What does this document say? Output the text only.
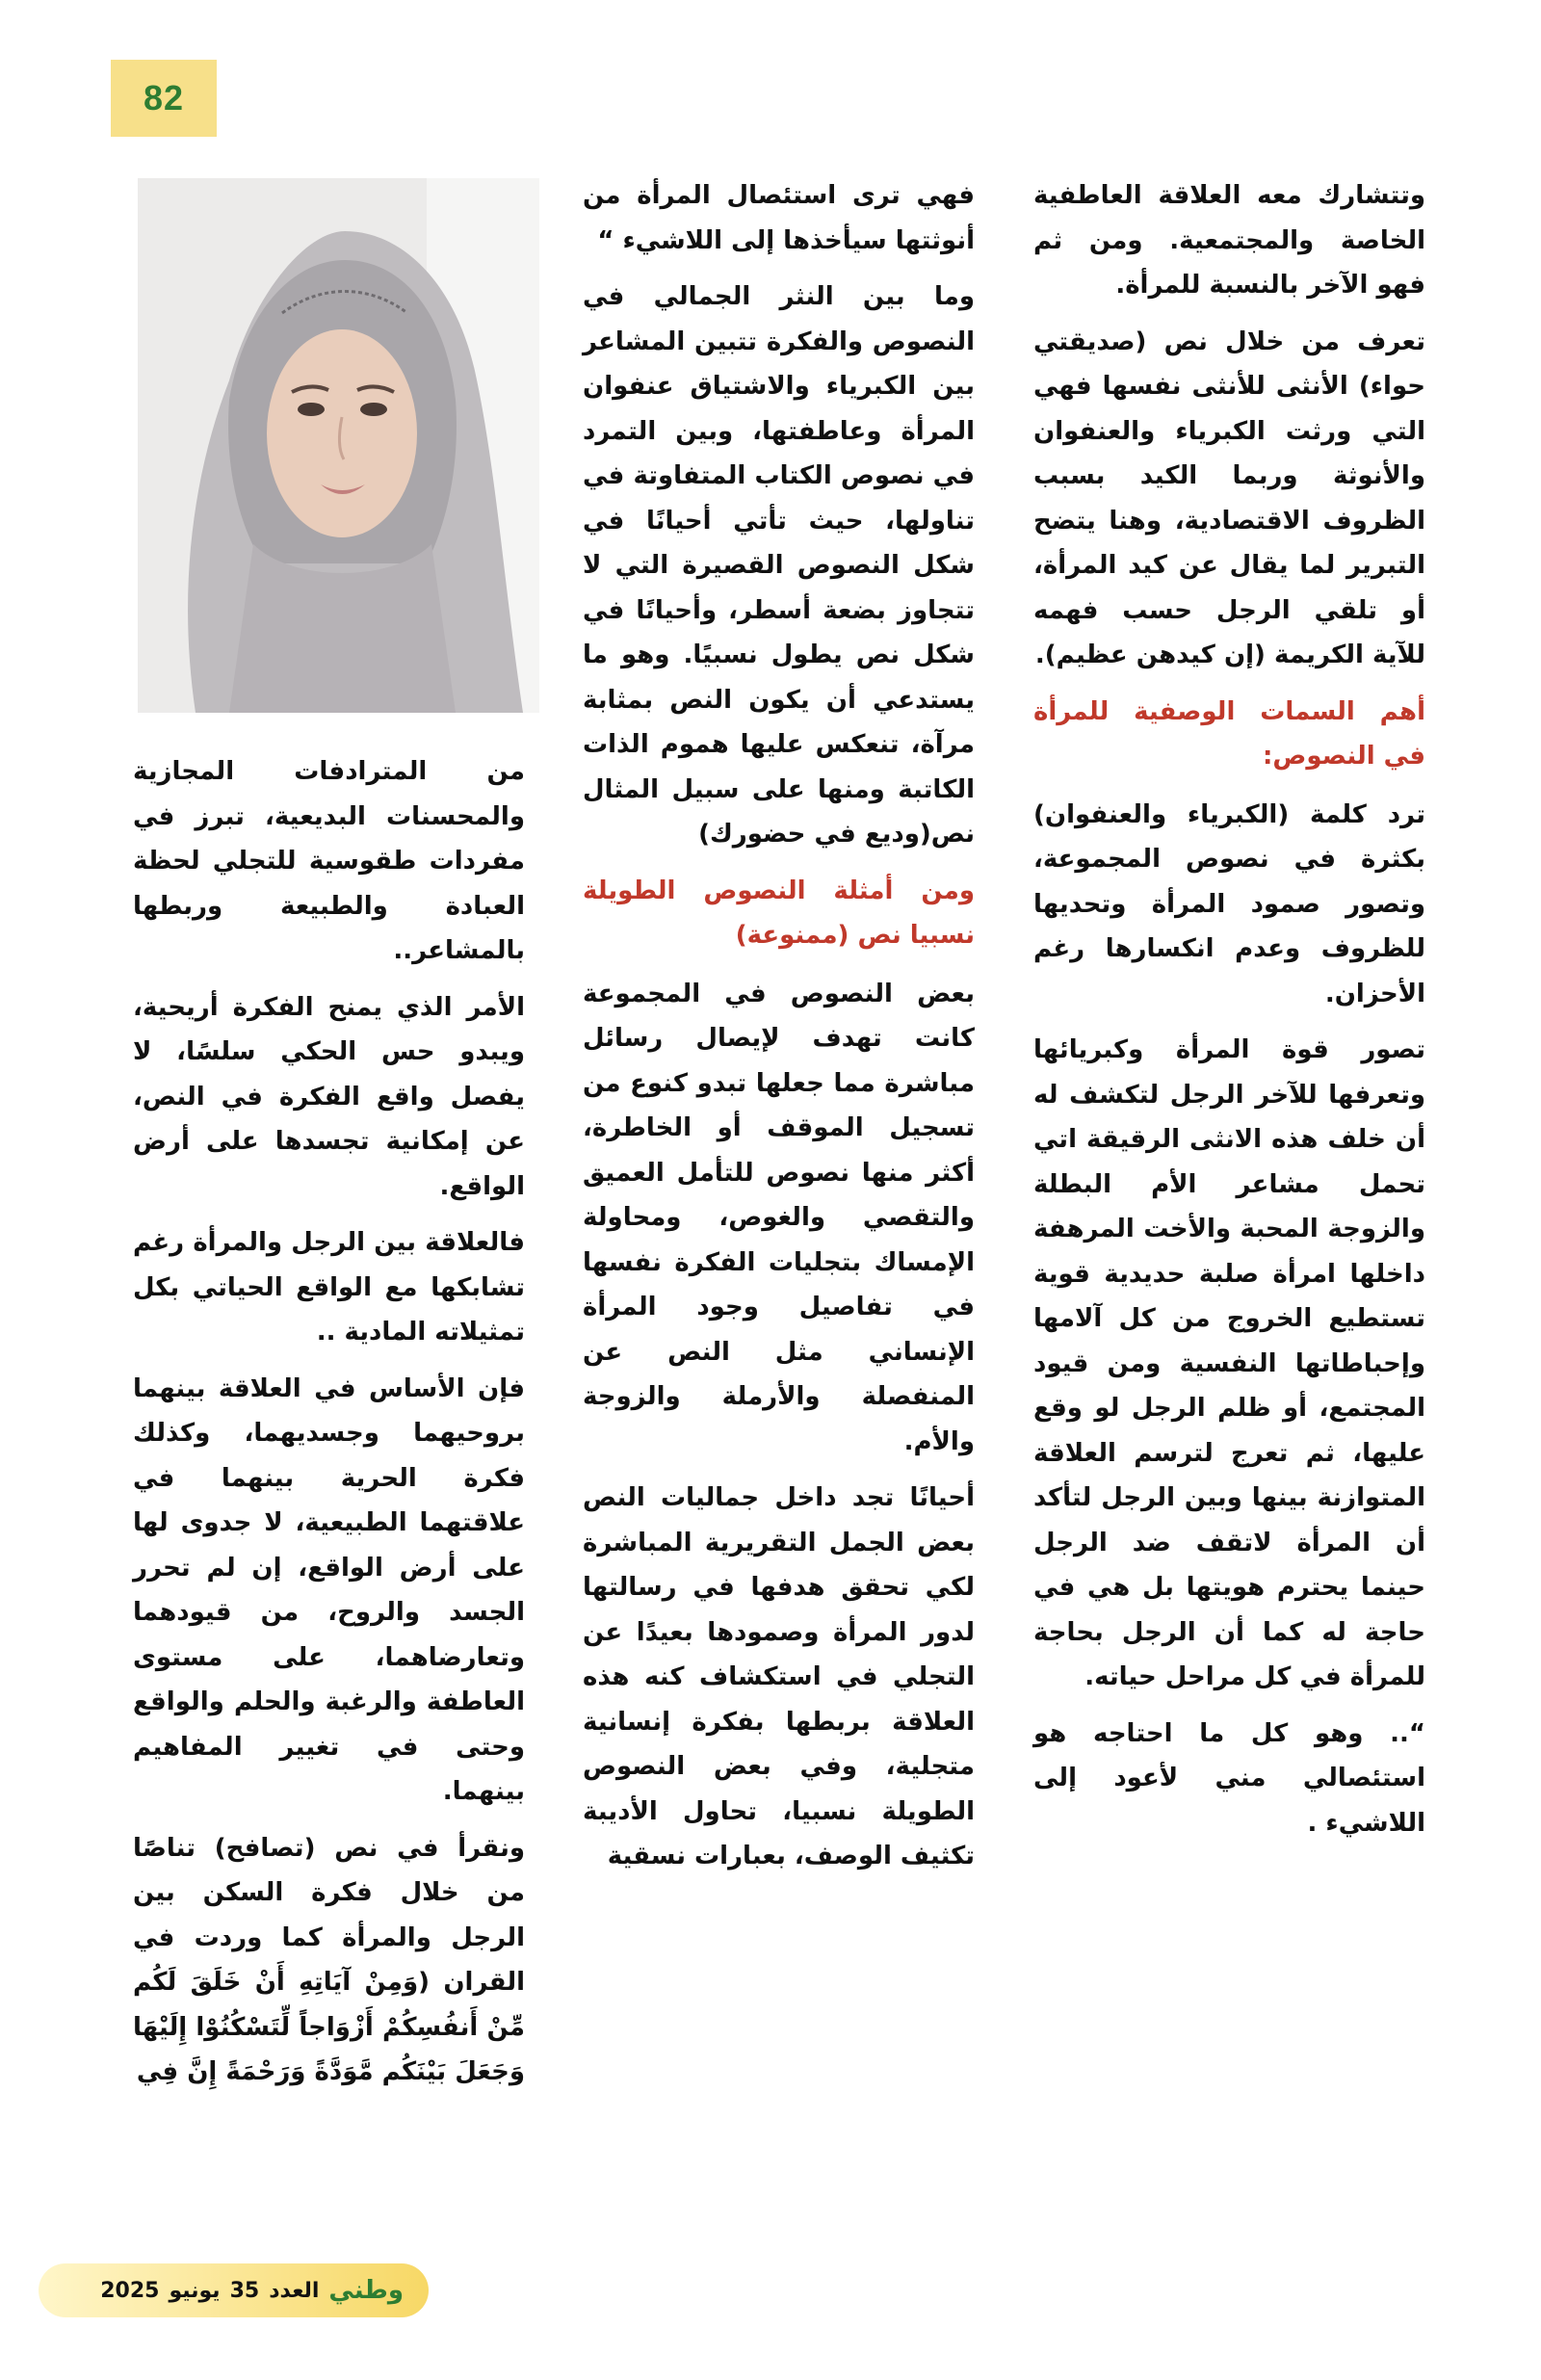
82

وتتشارك معه العلاقة العاطفية الخاصة والمجتمعية. ومن ثم فهو الآخر بالنسبة للمرأة.

تعرف من خلال نص (صديقتي حواء) الأنثى للأنثى نفسها فهي التي ورثت الكبرياء والعنفوان والأنوثة وربما الكيد بسبب الظروف الاقتصادية، وهنا يتضح التبرير لما يقال عن كيد المرأة، أو تلقي الرجل حسب فهمه للآية الكريمة (إن كيدهن عظيم).

أهم السمات الوصفية للمرأة في النصوص:

ترد كلمة (الكبرياء والعنفوان) بكثرة في نصوص المجموعة، وتصور صمود المرأة وتحديها للظروف وعدم انكسارها رغم الأحزان.

تصور قوة المرأة وكبريائها وتعرفها للآخر الرجل لتكشف له أن خلف هذه الانثى الرقيقة اتي تحمل مشاعر الأم البطلة والزوجة المحبة والأخت المرهفة داخلها امرأة صلبة حديدية قوية تستطيع الخروج من كل آلامها وإحباطاتها النفسية ومن قيود المجتمع، أو ظلم الرجل لو وقع عليها، ثم تعرج لترسم العلاقة المتوازنة بينها وبين الرجل لتأكد أن المرأة لاتقف ضد الرجل حينما يحترم هويتها بل هي في حاجة له كما أن الرجل بحاجة للمرأة في كل مراحل حياته.

“.. وهو كل ما احتاجه هو استئصالي مني لأعود إلى اللاشيء .

فهي ترى استئصال المرأة من أنوثتها سيأخذها إلى اللاشيء “

وما بين النثر الجمالي في النصوص والفكرة تتبين المشاعر بين الكبرياء والاشتياق عنفوان المرأة وعاطفتها، وبين التمرد في نصوص الكتاب المتفاوتة في تناولها، حيث تأتي أحيانًا في شكل النصوص القصيرة التي لا تتجاوز بضعة أسطر، وأحيانًا في شكل نص يطول نسبيًا. وهو ما يستدعي أن يكون النص بمثابة مرآة، تنعكس عليها هموم الذات الكاتبة ومنها على سبيل المثال نص(وديع في حضورك)

ومن أمثلة النصوص الطويلة نسبيا نص (ممنوعة)

بعض النصوص في المجموعة كانت تهدف لإيصال رسائل مباشرة مما جعلها تبدو كنوع من تسجيل الموقف أو الخاطرة، أكثر منها نصوص للتأمل العميق والتقصي والغوص، ومحاولة الإمساك بتجليات الفكرة نفسها في تفاصيل وجود المرأة الإنساني مثل النص عن المنفصلة والأرملة والزوجة والأم.

أحيانًا تجد داخل جماليات النص بعض الجمل التقريرية المباشرة لكي تحقق هدفها في رسالتها لدور المرأة وصمودها بعيدًا عن التجلي في استكشاف كنه هذه العلاقة بربطها بفكرة إنسانية متجلية، وفي بعض النصوص الطويلة نسبيا، تحاول الأديبة تكثيف الوصف، بعبارات نسقية

من المترادفات المجازية والمحسنات البديعية، تبرز في مفردات طقوسية للتجلي لحظة العبادة والطبيعة وربطها بالمشاعر..

الأمر الذي يمنح الفكرة أريحية، ويبدو حس الحكي سلسًا، لا يفصل واقع الفكرة في النص، عن إمكانية تجسدها على أرض الواقع.

فالعلاقة بين الرجل والمرأة رغم تشابكها مع الواقع الحياتي بكل تمثيلاته المادية ..

فإن الأساس في العلاقة بينهما بروحيهما وجسديهما، وكذلك فكرة الحرية بينهما في علاقتهما الطبيعية، لا جدوى لها على أرض الواقع، إن لم تحرر الجسد والروح، من قيودهما وتعارضاهما، على مستوى العاطفة والرغبة والحلم والواقع وحتى في تغيير المفاهيم بينهما.

ونقرأ في نص (تصافح) تناصًا من خلال فكرة السكن بين الرجل والمرأة كما وردت في القران (وَمِنْ آيَاتِهِ أَنْ خَلَقَ لَكُم مِّنْ أَنفُسِكُمْ أَزْوَاجاً لِّتَسْكُنُوْا إِلَيْهَا وَجَعَلَ بَيْنَكُم مَّوَدَّةً وَرَحْمَةً إِنَّ فِي

وطني
العدد
35
يونيو
2025
